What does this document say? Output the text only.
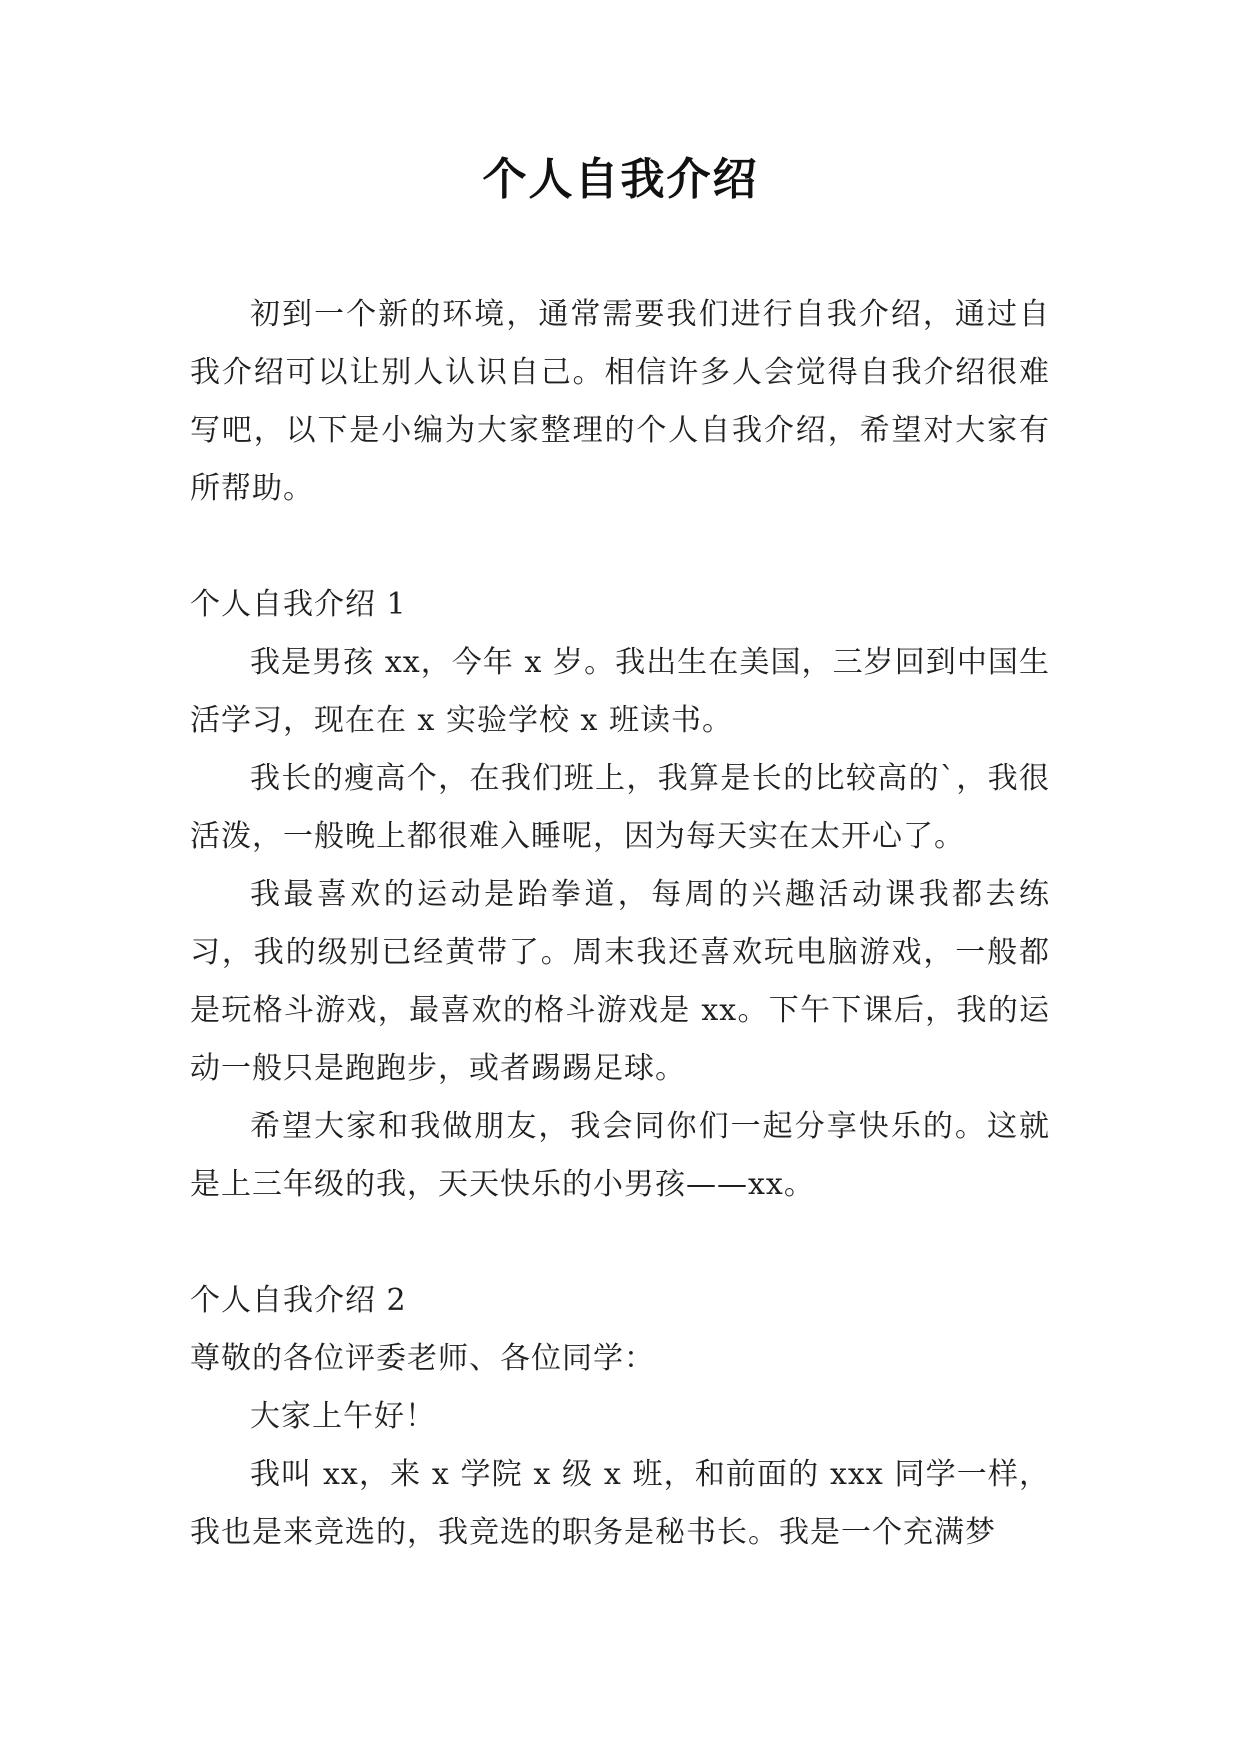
个人自我介绍

初到一个新的环境，通常需要我们进行自我介绍，通过自我介绍可以让别人认识自己。相信许多人会觉得自我介绍很难写吧，以下是小编为大家整理的个人自我介绍，希望对大家有所帮助。

个人自我介绍 1

我是男孩 xx，今年 x 岁。我出生在美国，三岁回到中国生活学习，现在在 x 实验学校 x 班读书。

我长的瘦高个，在我们班上，我算是长的比较高的`，我很活泼，一般晚上都很难入睡呢，因为每天实在太开心了。

我最喜欢的运动是跆拳道，每周的兴趣活动课我都去练习，我的级别已经黄带了。周末我还喜欢玩电脑游戏，一般都是玩格斗游戏，最喜欢的格斗游戏是 xx。下午下课后，我的运动一般只是跑跑步，或者踢踢足球。

希望大家和我做朋友，我会同你们一起分享快乐的。这就是上三年级的我，天天快乐的小男孩——xx。

个人自我介绍 2

尊敬的各位评委老师、各位同学：

大家上午好！

我叫 xx，来 x 学院 x 级 x 班，和前面的 xxx 同学一样，我也是来竞选的，我竞选的职务是秘书长。我是一个充满梦
